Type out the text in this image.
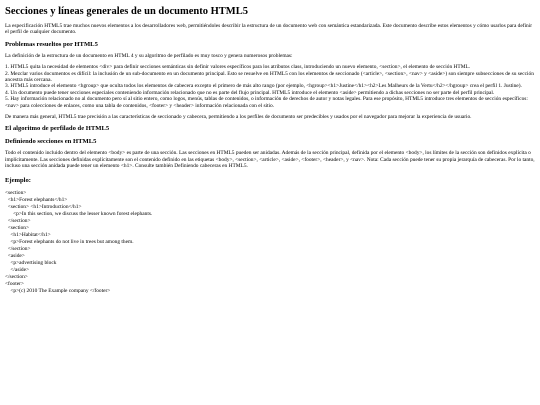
Secciones y líneas generales de un documento HTML5

La especificación HTML5 trae muchos nuevos elementos a los desarrolladores web, permitiéndoles describir la estructura de un documento web con semántica estandarizada. Este documento describe estos elementos y cómo usarlos para definir el perfil de cualquier documento.

Problemas resueltos por HTML5

La definición de la estructura de un documento en HTML 4 y su algoritmo de perfilado es muy tosco y genera numerosos problemas:

1. HTML5 quita la necesidad de elementos <div> para definir secciones semánticas sin definir valores específicos para los atributos class, introduciendo un nuevo elemento, <section>, el elemento de sección HTML.

2. Mezclar varios documentos es difícil: la inclusión de un sub-documento en un documento principal. Esto se resuelve en HTML5 con los elementos de seccionado (<article>, <section>, <nav> y <aside>) son siempre subsecciones de su sección ancestra más cercana.

3. HTML5 introduce el elemento <hgroup> que oculta todos los elementos de cabecera excepto el primero de más alto rango (por ejemplo, <hgroup><h1>Justine</h1><h2>Les Malheurs de la Vertu</h2></hgroup> crea el perfil 1. Justine).

4. Un documento puede tener secciones especiales conteniendo información relacionado que no es parte del flujo principal. HTML5 introduce el elemento <aside> permitiendo a dichas secciones no ser parte del perfil principal.

5. Hay información relacionado no al documento pero sí al sitio entero, como logos, menús, tablas de contenidos, o información de derechos de autor y notas legales. Para ese propósito, HTML5 introduce tres elementos de sección específicos: <nav> para colecciones de enlaces, como una tabla de contenidos, <footer> y <header> información relacionada con el sitio.

De manera más general, HTML5 trae precisión a las características de seccionado y cabecera, permitiendo a los perfiles de documento ser predecibles y usados por el navegador para mejorar la experiencia de usuario.

El algoritmo de perfilado de HTML5
Definiendo secciones en HTML5

Todo el contenido incluido dentro del elemento <body> es parte de una sección. Las secciones en HTML5 pueden ser anidadas. Además de la sección principal, definida por el elemento <body>, los límites de la sección son definidos explícita o implícitamente. Las secciones definidas explícitamente son el contenido definido en las etiquetas <body>, <section>, <article>, <aside>, <footer>, <header>, y <nav>. Nota: Cada sección puede tener su propia jerarquía de cabeceras. Por lo tanto, incluso una sección anidada puede tener un elemento <h1>. Consulte también Definiendo cabeceras en HTML5.

Ejemplo:
<section>
<h1>Forest elephants</h1>
<section> <h1>Introduction</h1>
<p>In this section, we discuss the lesser known forest elephants.
</section>
<section>
<h1>Habitat</h1>
<p>Forest elephants do not live in trees but among them.
</section>
<aside>
<p>advertising block
</aside>
</section>
<footer>
<p>(c) 2010 The Example company </footer>
